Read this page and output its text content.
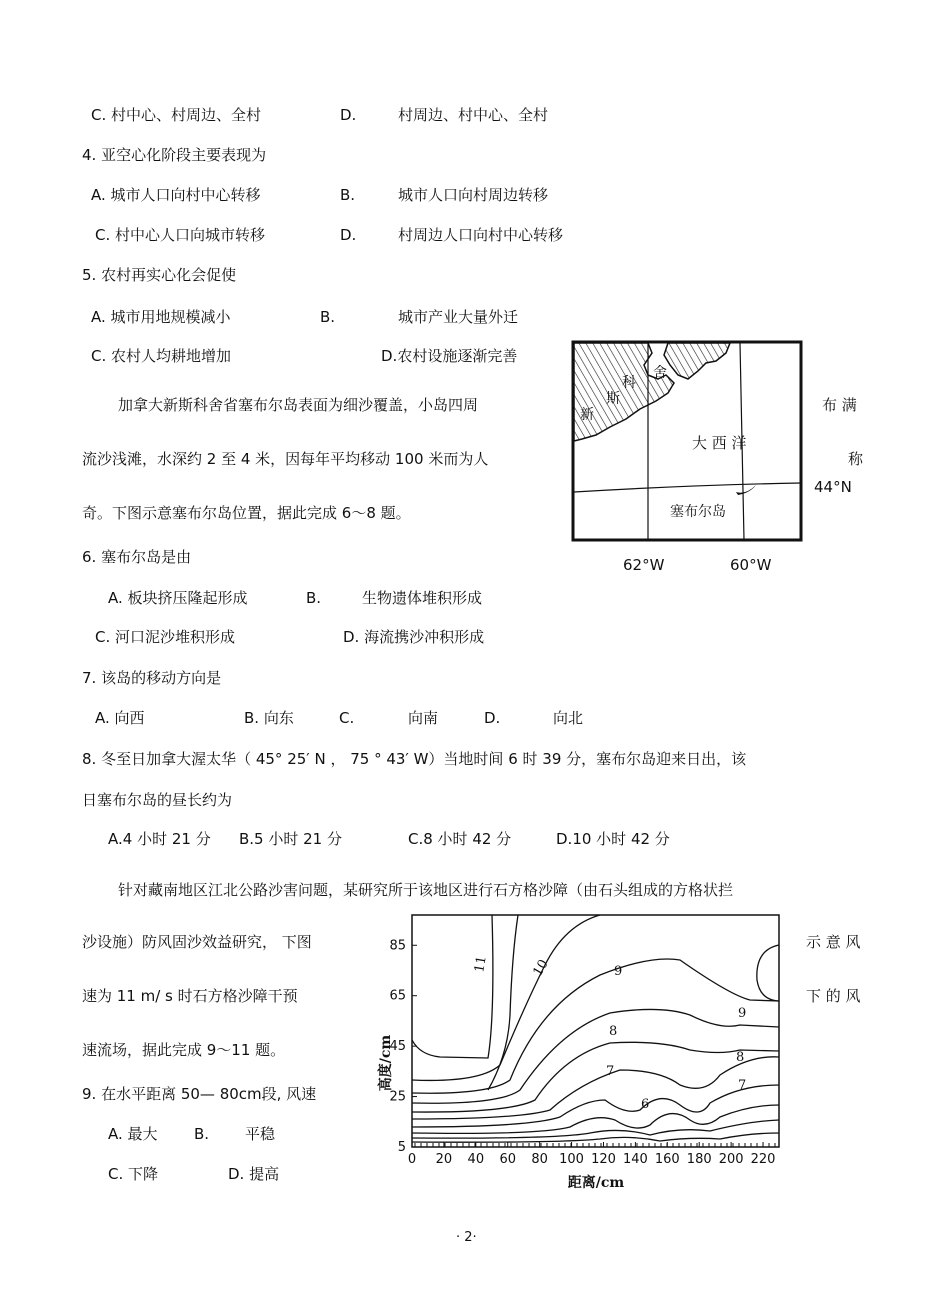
C. 村中心、村周边、全村	D.	村周边、村中心、全村
4. 亚空心化阶段主要表现为
A. 城市人口向村中心转移	B.	城市人口向村周边转移
C. 村中心人口向城市转移	D.	村周边人口向村中心转移
5. 农村再实心化会促使
A. 城市用地规模减小	B.	城市产业大量外迁
C. 农村人均耕地增加	D.农村设施逐渐完善
加拿大新斯科舍省塞布尔岛表面为细沙覆盖，小岛四周	布 满
流沙浅滩，水深约 2 至 4 米，因每年平均移动 100 米而为人	称
奇。下图示意塞布尔岛位置，据此完成 6～8 题。
科
舍
斯
新
大 西 洋
塞布尔岛
44°N
62°W	60°W
6. 塞布尔岛是由
A. 板块挤压隆起形成	B.	生物遗体堆积形成
C. 河口泥沙堆积形成	D. 海流携沙冲积形成
7. 该岛的移动方向是
A. 向西	B. 向东	C.	向南	D.	向北
8. 冬至日加拿大渥太华（ 45° 25′ N ， 75 ° 43′ W）当地时间 6 时 39 分，塞布尔岛迎来日出，该
日塞布尔岛的昼长约为
A.4 小时 21 分 B.5 小时 21 分	C.8 小时 42 分	D.10 小时 42 分
针对藏南地区江北公路沙害问题，某研究所于该地区进行石方格沙障（由石头组成的方格状拦
沙设施）防风固沙效益研究， 下图	示 意 风
速为 11 m/ s 时石方格沙障干预	下 的 风
速流场，据此完成 9～11 题。
9. 在水平距离 50— 80cm段, 风速
A. 最大 B. 平稳
C. 下降	D. 提高
11	10	9
9
8
8
7
7
6
5
25
45
65
85
0 20 40 60 80 100 120 140 160 180 200 220
高度/cm
距离/cm
· 2·
